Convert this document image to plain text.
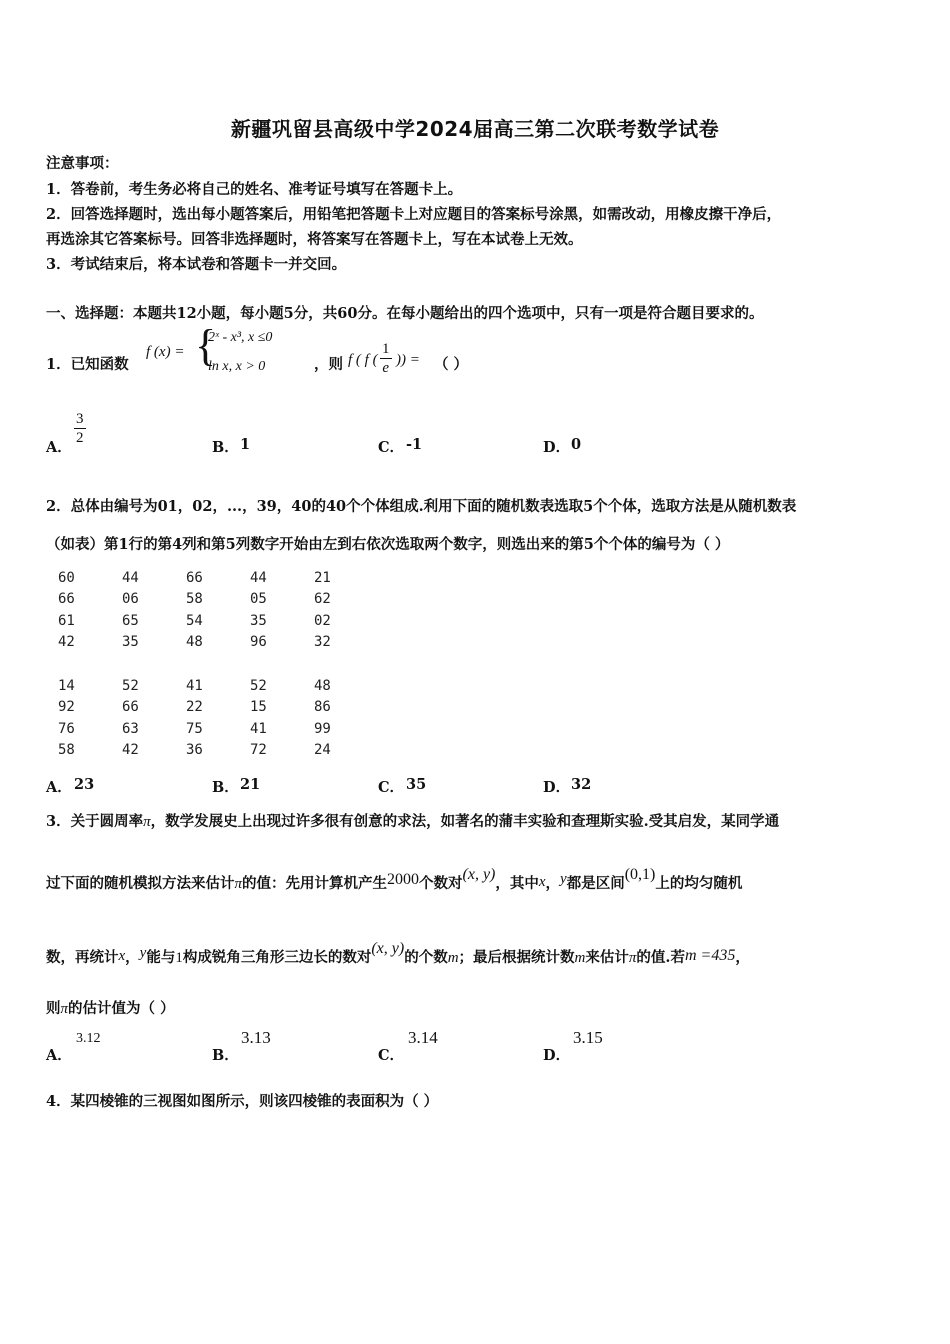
新疆巩留县高级中学2024届高三第二次联考数学试卷
注意事项：
1．答卷前，考生务必将自己的姓名、准考证号填写在答题卡上。
2．回答选择题时，选出每小题答案后，用铅笔把答题卡上对应题目的答案标号涂黑，如需改动，用橡皮擦干净后，
再选涂其它答案标号。回答非选择题时，将答案写在答题卡上，写在本试卷上无效。
3．考试结束后，将本试卷和答题卡一并交回。
一、选择题：本题共12小题，每小题5分，共60分。在每小题给出的四个选项中，只有一项是符合题目要求的。
1．已知函数
f (x) = {
2ˣ - x³, x ≤0
ln x, x > 0	，则 f ( f ( $\frac{1}{e}$ )) = （ ）
A．
$\frac{3}{2}$
B． 1	C． -1	D． 0
2．总体由编号为01，02，...，39，40的40个个体组成.利用下面的随机数表选取5个个体，选取方法是从随机数表
（如表）第1行的第4列和第5列数字开始由左到右依次选取两个数字，则选出来的第5个个体的编号为（ ）
60	44	66	44	21
66	06	58	05	62
61	65	54	35	02
42	35	48	96	32
14	52	41	52	48
92	66	22	15	86
76	63	75	41	99
58	42	36	72	24
A． 23	B． 21	C． 35	D． 32
3．关于圆周率π，数学发展史上出现过许多很有创意的求法，如著名的蒲丰实验和查理斯实验.受其启发，某同学通
过下面的随机模拟方法来估计π的值：先用计算机产生2000个数对(x, y)，其中x，y都是区间(0,1)上的均匀随机
数，再统计x，y能与1构成锐角三角形三边长的数对(x, y)的个数m；最后根据统计数m来估计π的值.若m =435，
则π的估计值为（ ）
A．
3.12
B．
3.13
C．
3.14
D．
3.15
4．某四棱锥的三视图如图所示，则该四棱锥的表面积为（ ）
